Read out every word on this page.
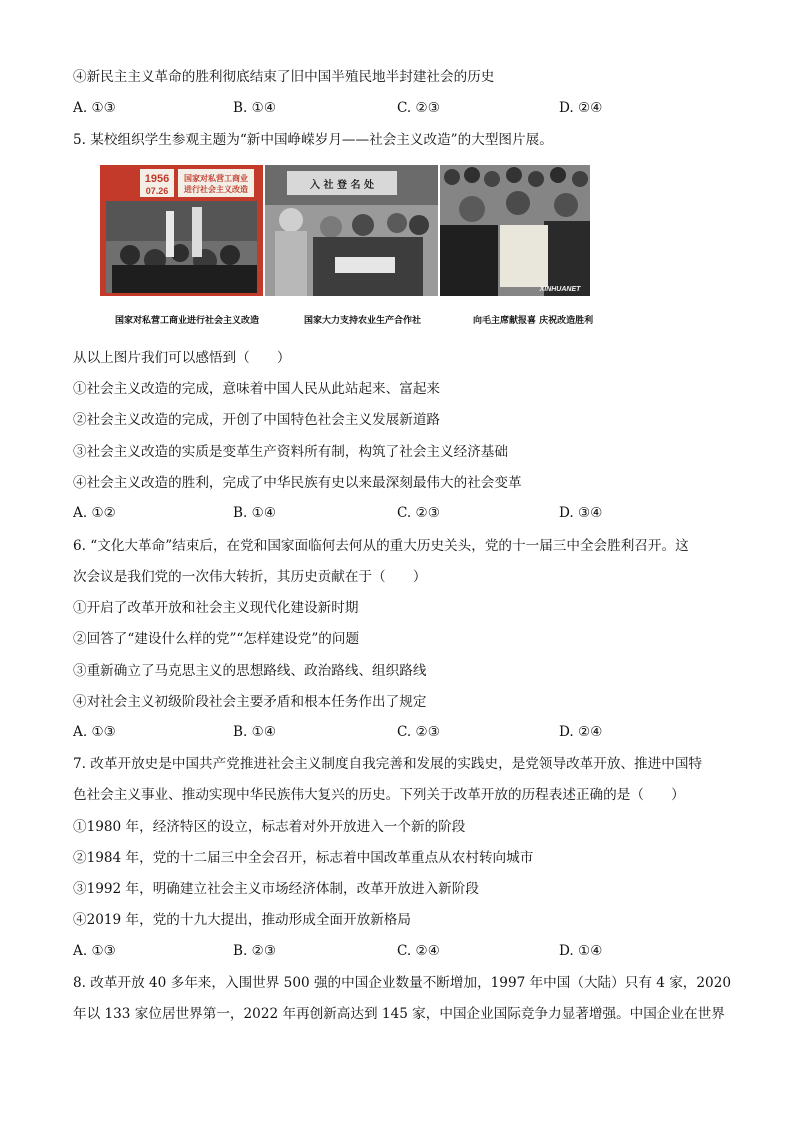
④新民主主义革命的胜利彻底结束了旧中国半殖民地半封建社会的历史
A. ①③	B. ①④	C. ②③	D. ②④
5. 某校组织学生参观主题为“新中国峥嵘岁月——社会主义改造”的大型图片展。
1956
07.26
国家对私营工商业
进行社会主义改造	入 社 登 名 处
XINHUANET
国家对私营工商业进行社会主义改造	国家大力支持农业生产合作社	向毛主席献报喜 庆祝改造胜利
从以上图片我们可以感悟到（　　）
①社会主义改造的完成，意味着中国人民从此站起来、富起来
②社会主义改造的完成，开创了中国特色社会主义发展新道路
③社会主义改造的实质是变革生产资料所有制，构筑了社会主义经济基础
④社会主义改造的胜利，完成了中华民族有史以来最深刻最伟大的社会变革
A. ①②	B. ①④	C. ②③	D. ③④
6. “文化大革命”结束后，在党和国家面临何去何从的重大历史关头，党的十一届三中全会胜利召开。这
次会议是我们党的一次伟大转折，其历史贡献在于（　　）
①开启了改革开放和社会主义现代化建设新时期
②回答了“建设什么样的党”“怎样建设党”的问题
③重新确立了马克思主义的思想路线、政治路线、组织路线
④对社会主义初级阶段社会主要矛盾和根本任务作出了规定
A. ①③	B. ①④	C. ②③	D. ②④
7. 改革开放史是中国共产党推进社会主义制度自我完善和发展的实践史，是党领导改革开放、推进中国特
色社会主义事业、推动实现中华民族伟大复兴的历史。下列关于改革开放的历程表述正确的是（　　）
①1980 年，经济特区的设立，标志着对外开放进入一个新的阶段
②1984 年，党的十二届三中全会召开，标志着中国改革重点从农村转向城市
③1992 年，明确建立社会主义市场经济体制，改革开放进入新阶段
④2019 年，党的十九大提出，推动形成全面开放新格局
A. ①③	B. ②③	C. ②④	D. ①④
8. 改革开放 40 多年来，入围世界 500 强的中国企业数量不断增加，1997 年中国（大陆）只有 4 家，2020
年以 133 家位居世界第一，2022 年再创新高达到 145 家，中国企业国际竞争力显著增强。中国企业在世界
